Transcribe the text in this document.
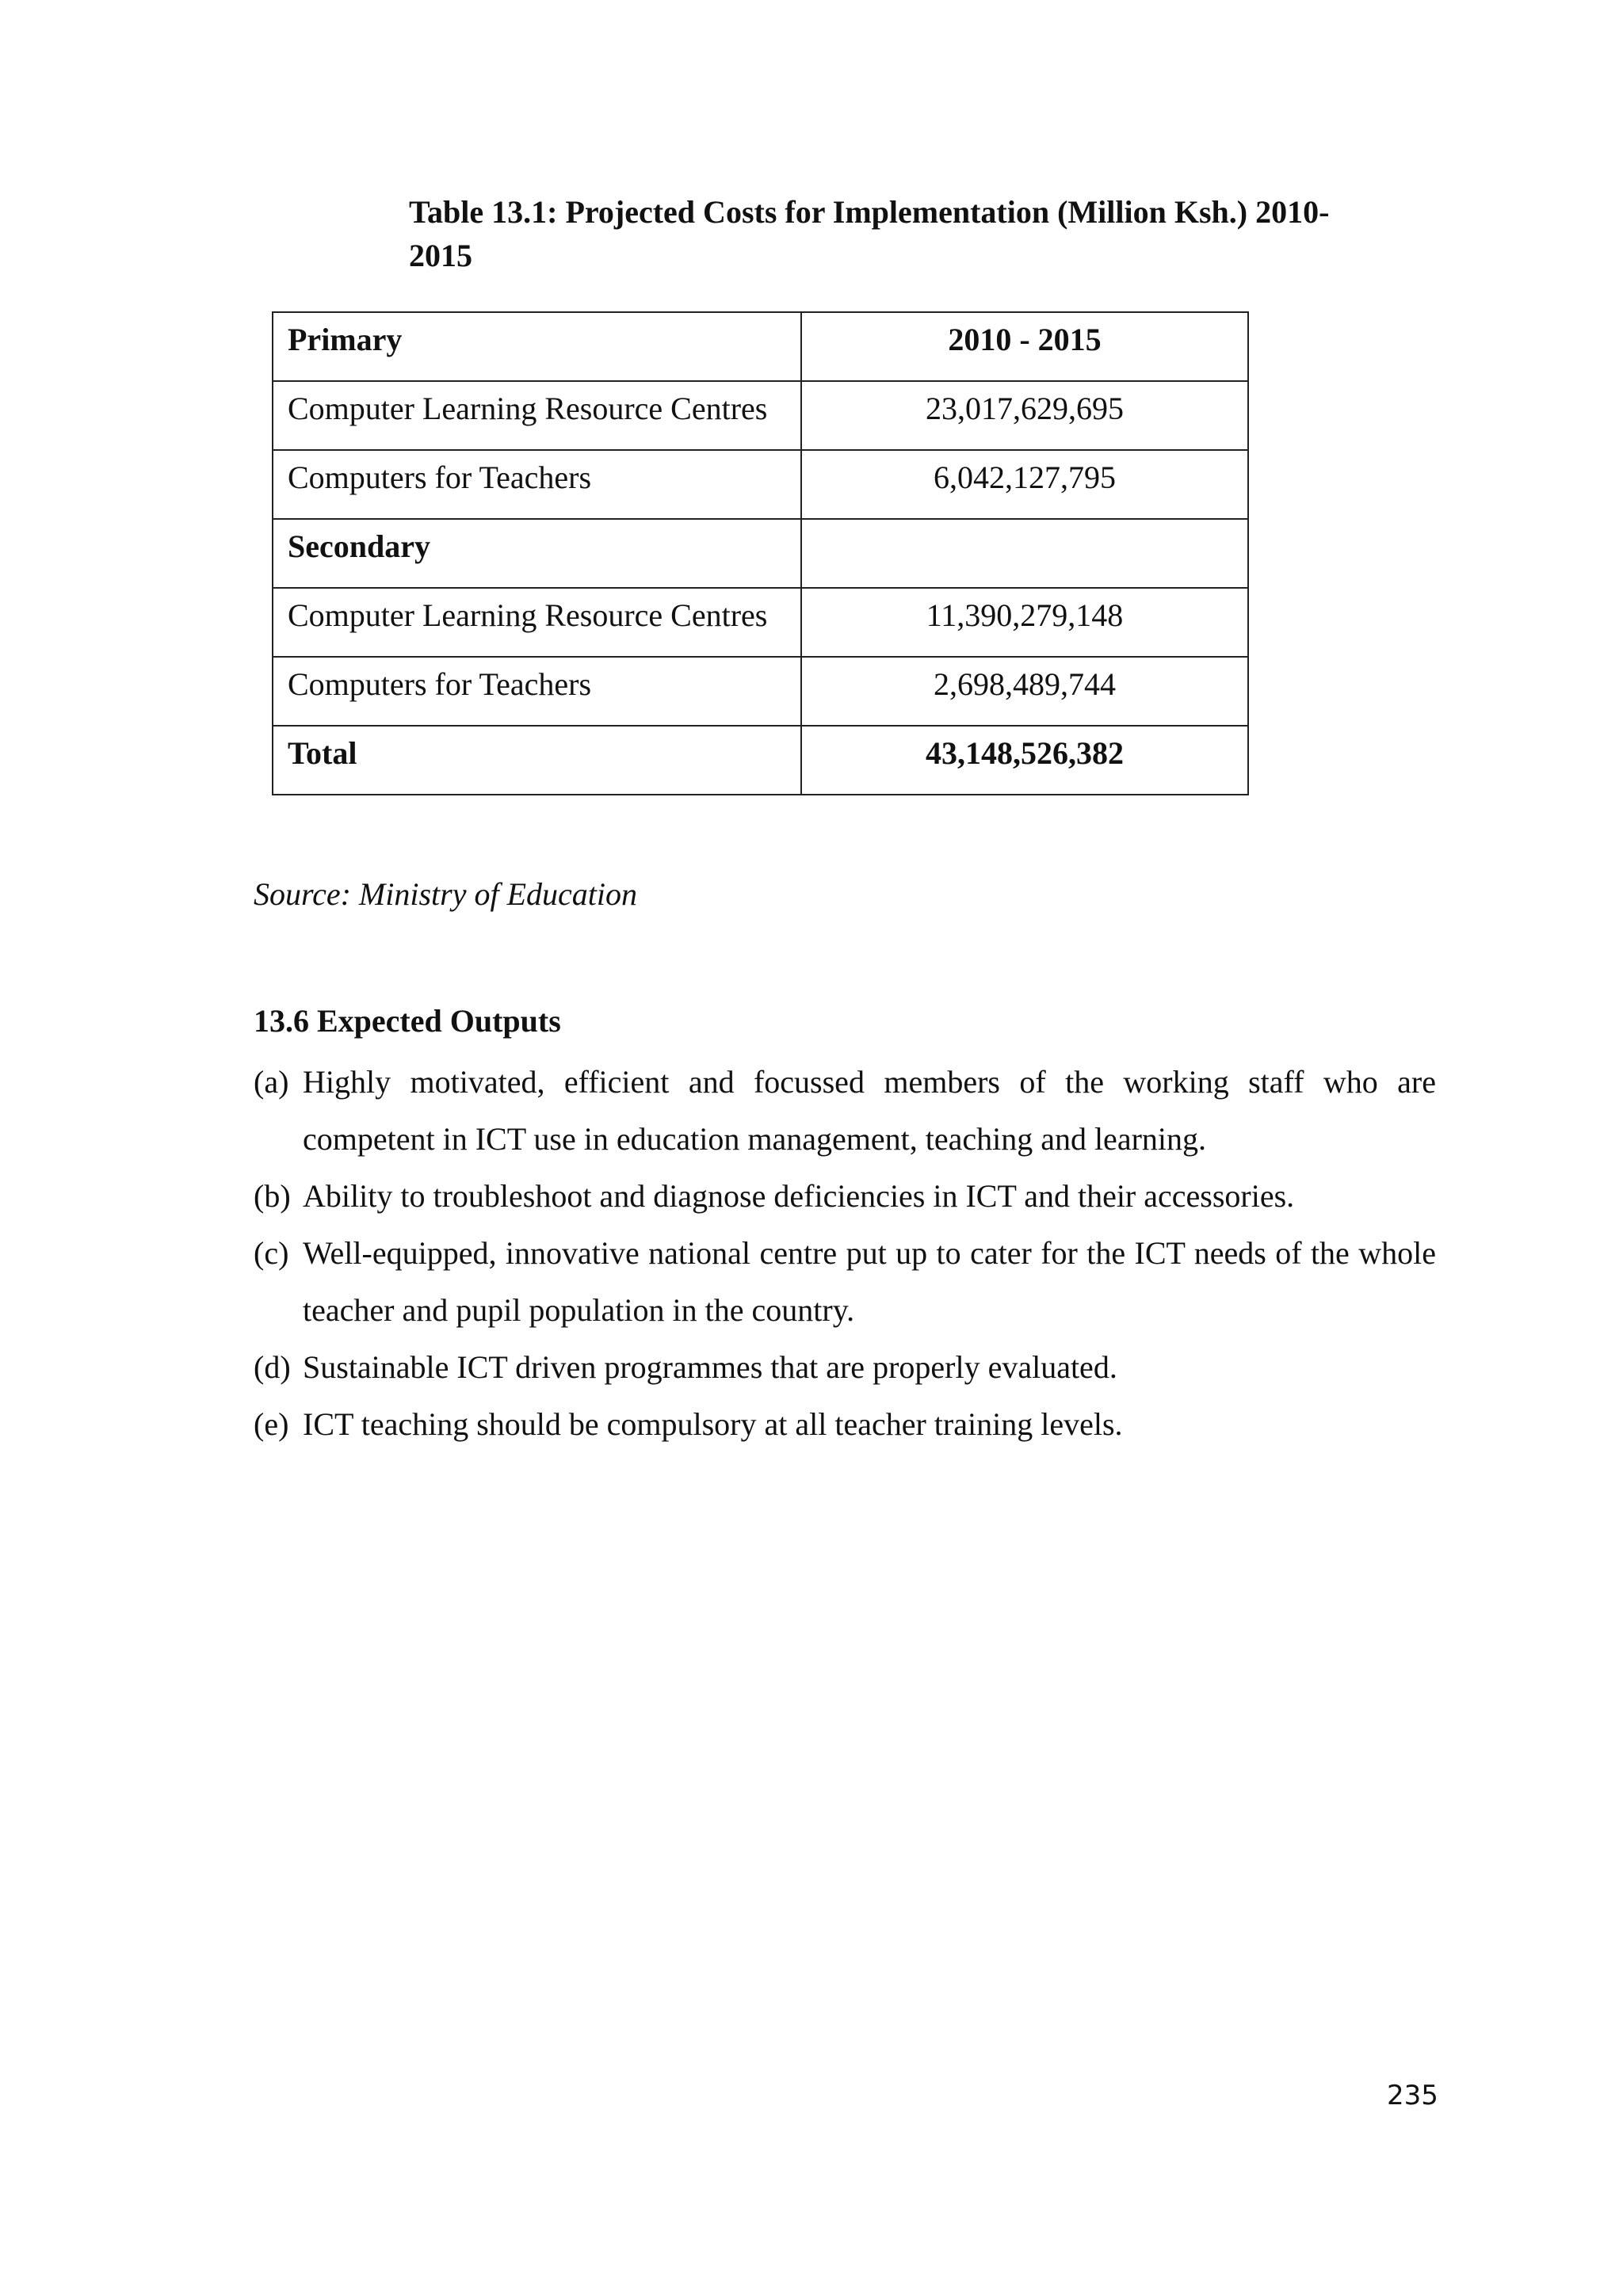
Table 13.1: Projected Costs for Implementation (Million Ksh.) 2010-2015
Primary	2010 - 2015
Computer Learning Resource Centres	23,017,629,695
Computers for Teachers	6,042,127,795
Secondary	
Computer Learning Resource Centres	11,390,279,148
Computers for Teachers	2,698,489,744
Total	43,148,526,382
Source: Ministry of Education
13.6 Expected Outputs
(a) Highly motivated, efficient and focussed members of the working staff who are competent in ICT use in education management, teaching and learning.
(b) Ability to troubleshoot and diagnose deficiencies in ICT and their accessories.
(c) Well-equipped, innovative national centre put up to cater for the ICT needs of the whole teacher and pupil population in the country.
(d) Sustainable ICT driven programmes that are properly evaluated.
(e) ICT teaching should be compulsory at all teacher training levels.
235
